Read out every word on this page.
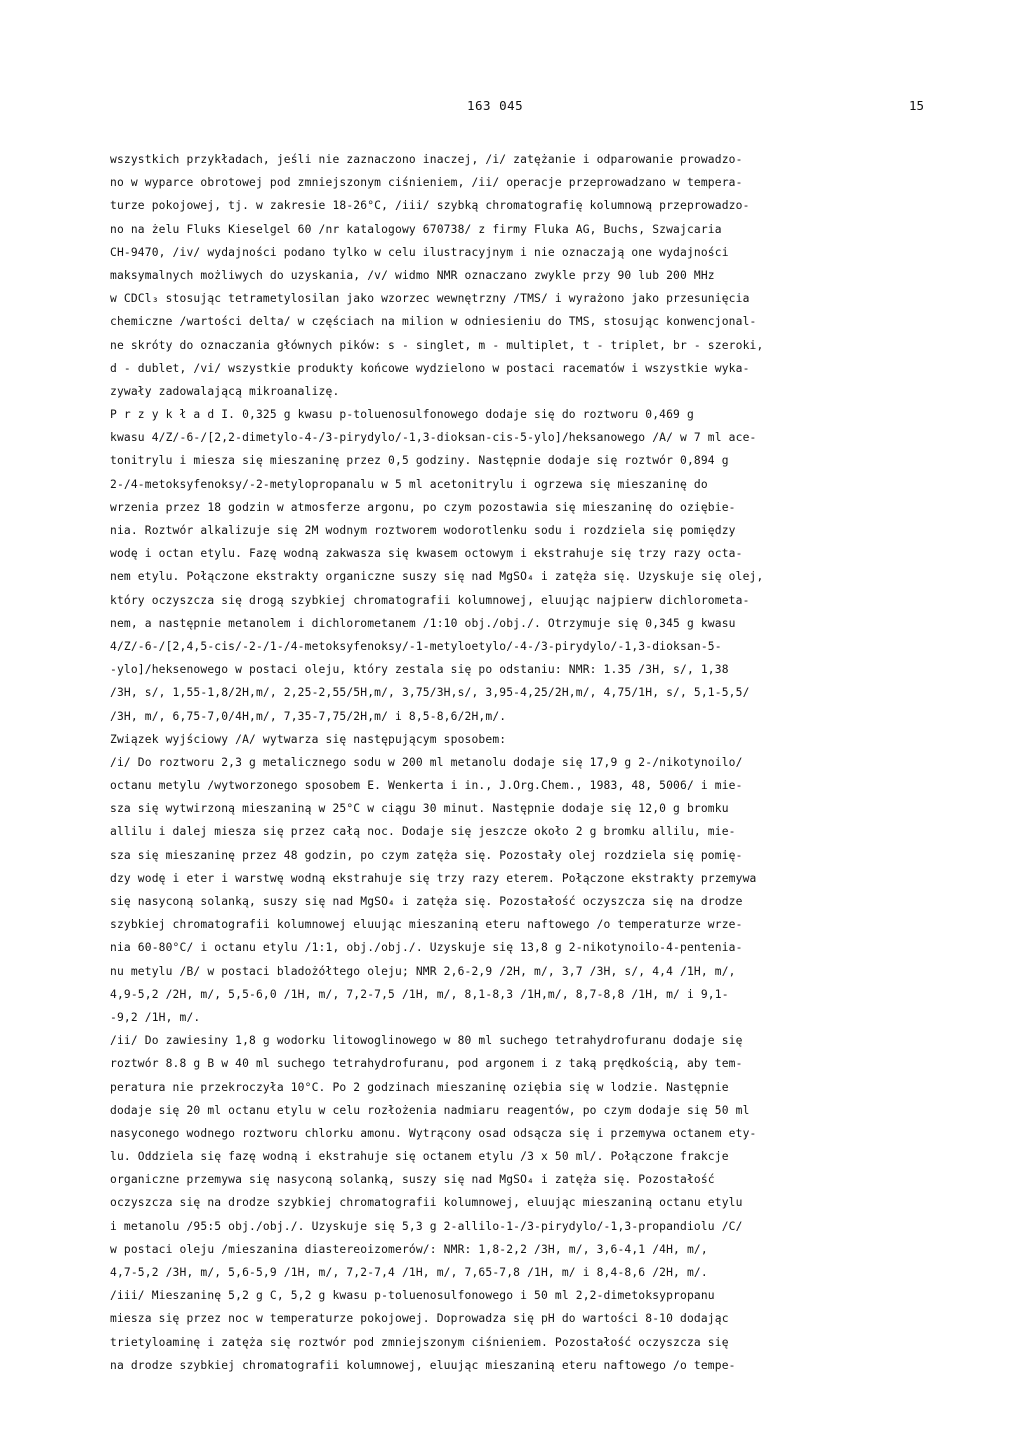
163 045	15
wszystkich przykładach, jeśli nie zaznaczono inaczej, /i/ zatężanie i odparowanie prowadzo-
no w wyparce obrotowej pod zmniejszonym ciśnieniem, /ii/ operacje przeprowadzano w tempera-
turze pokojowej, tj. w zakresie 18-26°C, /iii/ szybką chromatografię kolumnową przeprowadzo-
no na żelu Fluks Kieselgel 60 /nr katalogowy 670738/ z firmy Fluka AG, Buchs, Szwajcaria
CH-9470, /iv/ wydajności podano tylko w celu ilustracyjnym i nie oznaczają one wydajności
maksymalnych możliwych do uzyskania, /v/ widmo NMR oznaczano zwykle przy 90 lub 200 MHz
w CDCl₃ stosując tetrametylosilan jako wzorzec wewnętrzny /TMS/ i wyrażono jako przesunięcia
chemiczne /wartości delta/ w częściach na milion w odniesieniu do TMS, stosując konwencjonal-
ne skróty do oznaczania głównych pików: s - singlet, m - multiplet, t - triplet, br - szeroki,
d - dublet, /vi/ wszystkie produkty końcowe wydzielono w postaci racematów i wszystkie wyka-
zywały zadowalającą mikroanalizę.
P r z y k ł a d I. 0,325 g kwasu p-toluenosulfonowego dodaje się do roztworu 0,469 g
kwasu 4/Z/-6-/[2,2-dimetylo-4-/3-pirydylo/-1,3-dioksan-cis-5-ylo]/heksanowego /A/ w 7 ml ace-
tonitrylu i miesza się mieszaninę przez 0,5 godziny. Następnie dodaje się roztwór 0,894 g
2-/4-metoksyfenoksy/-2-metylopropanalu w 5 ml acetonitrylu i ogrzewa się mieszaninę do
wrzenia przez 18 godzin w atmosferze argonu, po czym pozostawia się mieszaninę do oziębie-
nia. Roztwór alkalizuje się 2M wodnym roztworem wodorotlenku sodu i rozdziela się pomiędzy
wodę i octan etylu. Fazę wodną zakwasza się kwasem octowym i ekstrahuje się trzy razy octa-
nem etylu. Połączone ekstrakty organiczne suszy się nad MgSO₄ i zatęża się. Uzyskuje się olej,
który oczyszcza się drogą szybkiej chromatografii kolumnowej, eluując najpierw dichlorometa-
nem, a następnie metanolem i dichlorometanem /1:10 obj./obj./. Otrzymuje się 0,345 g kwasu
4/Z/-6-/[2,4,5-cis/-2-/1-/4-metoksyfenoksy/-1-metyloetylo/-4-/3-pirydylo/-1,3-dioksan-5-
-ylo]/heksenowego w postaci oleju, który zestala się po odstaniu: NMR: 1.35 /3H, s/, 1,38
/3H, s/, 1,55-1,8/2H,m/, 2,25-2,55/5H,m/, 3,75/3H,s/, 3,95-4,25/2H,m/, 4,75/1H, s/, 5,1-5,5/
/3H, m/, 6,75-7,0/4H,m/, 7,35-7,75/2H,m/ i 8,5-8,6/2H,m/.
Związek wyjściowy /A/ wytwarza się następującym sposobem:
/i/ Do roztworu 2,3 g metalicznego sodu w 200 ml metanolu dodaje się 17,9 g 2-/nikotynoilo/
octanu metylu /wytworzonego sposobem E. Wenkerta i in., J.Org.Chem., 1983, 48, 5006/ i mie-
sza się wytwirzoną mieszaniną w 25°C w ciągu 30 minut. Następnie dodaje się 12,0 g bromku
allilu i dalej miesza się przez całą noc. Dodaje się jeszcze około 2 g bromku allilu, mie-
sza się mieszaninę przez 48 godzin, po czym zatęża się. Pozostały olej rozdziela się pomię-
dzy wodę i eter i warstwę wodną ekstrahuje się trzy razy eterem. Połączone ekstrakty przemywa
się nasyconą solanką, suszy się nad MgSO₄ i zatęża się. Pozostałość oczyszcza się na drodze
szybkiej chromatografii kolumnowej eluując mieszaniną eteru naftowego /o temperaturze wrze-
nia 60-80°C/ i octanu etylu /1:1, obj./obj./. Uzyskuje się 13,8 g 2-nikotynoilo-4-pentenia-
nu metylu /B/ w postaci bladożółtego oleju; NMR 2,6-2,9 /2H, m/, 3,7 /3H, s/, 4,4 /1H, m/,
4,9-5,2 /2H, m/, 5,5-6,0 /1H, m/, 7,2-7,5 /1H, m/, 8,1-8,3 /1H,m/, 8,7-8,8 /1H, m/ i 9,1-
-9,2 /1H, m/.
/ii/ Do zawiesiny 1,8 g wodorku litowoglinowego w 80 ml suchego tetrahydrofuranu dodaje się
roztwór 8.8 g B w 40 ml suchego tetrahydrofuranu, pod argonem i z taką prędkością, aby tem-
peratura nie przekroczyła 10°C. Po 2 godzinach mieszaninę oziębia się w lodzie. Następnie
dodaje się 20 ml octanu etylu w celu rozłożenia nadmiaru reagentów, po czym dodaje się 50 ml
nasyconego wodnego roztworu chlorku amonu. Wytrącony osad odsącza się i przemywa octanem ety-
lu. Oddziela się fazę wodną i ekstrahuje się octanem etylu /3 x 50 ml/. Połączone frakcje
organiczne przemywa się nasyconą solanką, suszy się nad MgSO₄ i zatęża się. Pozostałość
oczyszcza się na drodze szybkiej chromatografii kolumnowej, eluując mieszaniną octanu etylu
i metanolu /95:5 obj./obj./. Uzyskuje się 5,3 g 2-allilo-1-/3-pirydylo/-1,3-propandiolu /C/
w postaci oleju /mieszanina diastereoizomerów/: NMR: 1,8-2,2 /3H, m/, 3,6-4,1 /4H, m/,
4,7-5,2 /3H, m/, 5,6-5,9 /1H, m/, 7,2-7,4 /1H, m/, 7,65-7,8 /1H, m/ i 8,4-8,6 /2H, m/.
/iii/ Mieszaninę 5,2 g C, 5,2 g kwasu p-toluenosulfonowego i 50 ml 2,2-dimetoksypropanu
miesza się przez noc w temperaturze pokojowej. Doprowadza się pH do wartości 8-10 dodając
trietyloaminę i zatęża się roztwór pod zmniejszonym ciśnieniem. Pozostałość oczyszcza się
na drodze szybkiej chromatografii kolumnowej, eluując mieszaniną eteru naftowego /o tempe-
